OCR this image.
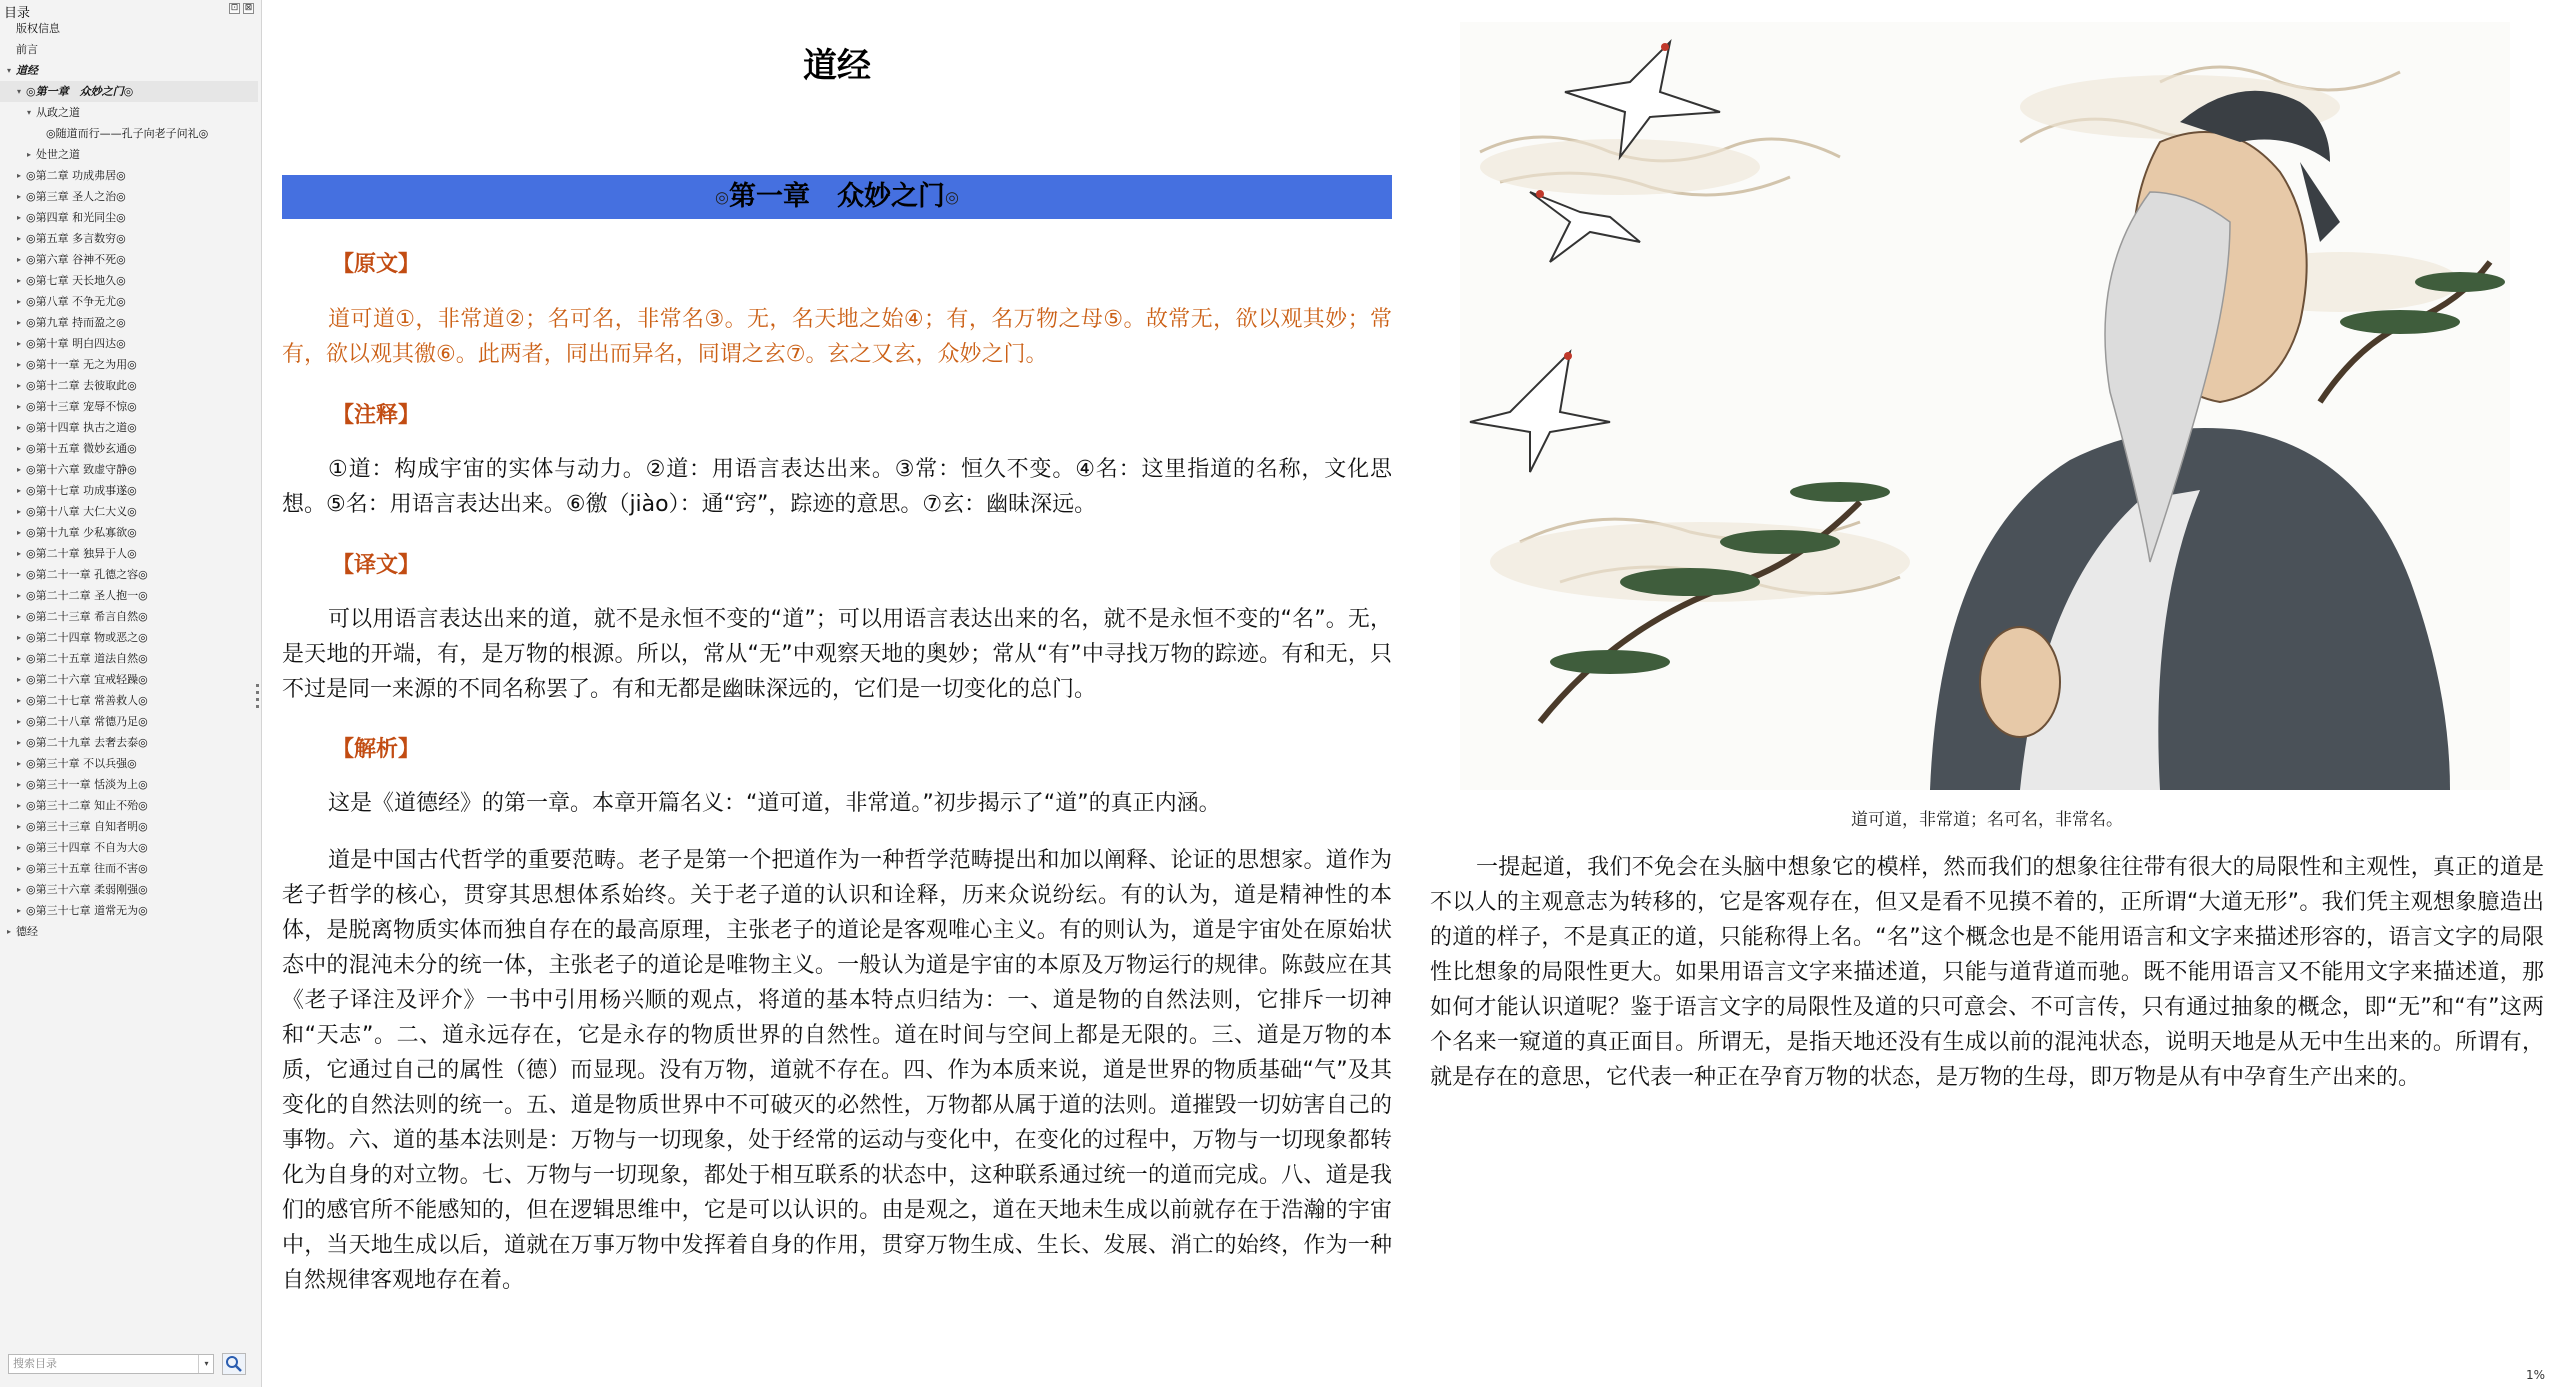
目录	⊡ ⊠
版权信息
前言
▾ 道经
▾ ◎第一章　众妙之门◎
▾ 从政之道
◎随道而行——孔子向老子问礼◎
▸ 处世之道
▸ ◎第二章 功成弗居◎
▸ ◎第三章 圣人之治◎
▸ ◎第四章 和光同尘◎
▸ ◎第五章 多言数穷◎
▸ ◎第六章 谷神不死◎
▸ ◎第七章 天长地久◎
▸ ◎第八章 不争无尤◎
▸ ◎第九章 持而盈之◎
▸ ◎第十章 明白四达◎
▸ ◎第十一章 无之为用◎
▸ ◎第十二章 去彼取此◎
▸ ◎第十三章 宠辱不惊◎
▸ ◎第十四章 执古之道◎
▸ ◎第十五章 微妙玄通◎
▸ ◎第十六章 致虚守静◎
▸ ◎第十七章 功成事遂◎
▸ ◎第十八章 大仁大义◎
▸ ◎第十九章 少私寡欲◎
▸ ◎第二十章 独异于人◎
▸ ◎第二十一章 孔德之容◎
▸ ◎第二十二章 圣人抱一◎
▸ ◎第二十三章 希言自然◎
▸ ◎第二十四章 物或恶之◎
▸ ◎第二十五章 道法自然◎
▸ ◎第二十六章 宜戒轻躁◎
▸ ◎第二十七章 常善救人◎
▸ ◎第二十八章 常德乃足◎
▸ ◎第二十九章 去奢去泰◎
▸ ◎第三十章 不以兵强◎
▸ ◎第三十一章 恬淡为上◎
▸ ◎第三十二章 知止不殆◎
▸ ◎第三十三章 自知者明◎
▸ ◎第三十四章 不自为大◎
▸ ◎第三十五章 往而不害◎
▸ ◎第三十六章 柔弱刚强◎
▸ ◎第三十七章 道常无为◎
▸ 德经
搜索目录	▾
道经
◎第一章　众妙之门◎
【原文】
道可道①，非常道②；名可名，非常名③。无，名天地之始④；有，名万物之母⑤。故常无，欲以观其妙；常有，欲以观其徼⑥。此两者，同出而异名，同谓之玄⑦。玄之又玄，众妙之门。
【注释】
①道：构成宇宙的实体与动力。②道：用语言表达出来。③常：恒久不变。④名：这里指道的名称，文化思想。⑤名：用语言表达出来。⑥徼（jiào）：通“窍”，踪迹的意思。⑦玄：幽昧深远。
【译文】
可以用语言表达出来的道，就不是永恒不变的“道”；可以用语言表达出来的名，就不是永恒不变的“名”。无，是天地的开端，有，是万物的根源。所以，常从“无”中观察天地的奥妙；常从“有”中寻找万物的踪迹。有和无，只不过是同一来源的不同名称罢了。有和无都是幽昧深远的，它们是一切变化的总门。
【解析】
这是《道德经》的第一章。本章开篇名义：“道可道，非常道。”初步揭示了“道”的真正内涵。
道是中国古代哲学的重要范畴。老子是第一个把道作为一种哲学范畴提出和加以阐释、论证的思想家。道作为老子哲学的核心，贯穿其思想体系始终。关于老子道的认识和诠释，历来众说纷纭。有的认为，道是精神性的本体，是脱离物质实体而独自存在的最高原理，主张老子的道论是客观唯心主义。有的则认为，道是宇宙处在原始状态中的混沌未分的统一体，主张老子的道论是唯物主义。一般认为道是宇宙的本原及万物运行的规律。陈鼓应在其《老子译注及评介》一书中引用杨兴顺的观点，将道的基本特点归结为：一、道是物的自然法则，它排斥一切神和“天志”。二、道永远存在，它是永存的物质世界的自然性。道在时间与空间上都是无限的。三、道是万物的本质，它通过自己的属性（德）而显现。没有万物，道就不存在。四、作为本质来说，道是世界的物质基础“气”及其变化的自然法则的统一。五、道是物质世界中不可破灭的必然性，万物都从属于道的法则。道摧毁一切妨害自己的事物。六、道的基本法则是：万物与一切现象，处于经常的运动与变化中，在变化的过程中，万物与一切现象都转化为自身的对立物。七、万物与一切现象，都处于相互联系的状态中，这种联系通过统一的道而完成。八、道是我们的感官所不能感知的，但在逻辑思维中，它是可以认识的。由是观之，道在天地未生成以前就存在于浩瀚的宇宙中，当天地生成以后，道就在万事万物中发挥着自身的作用，贯穿万物生成、生长、发展、消亡的始终，作为一种自然规律客观地存在着。
道可道，非常道；名可名，非常名。
一提起道，我们不免会在头脑中想象它的模样，然而我们的想象往往带有很大的局限性和主观性，真正的道是不以人的主观意志为转移的，它是客观存在，但又是看不见摸不着的，正所谓“大道无形”。我们凭主观想象臆造出的道的样子，不是真正的道，只能称得上名。“名”这个概念也是不能用语言和文字来描述形容的，语言文字的局限性比想象的局限性更大。如果用语言文字来描述道，只能与道背道而驰。既不能用语言又不能用文字来描述道，那如何才能认识道呢？鉴于语言文字的局限性及道的只可意会、不可言传，只有通过抽象的概念，即“无”和“有”这两个名来一窥道的真正面目。所谓无，是指天地还没有生成以前的混沌状态，说明天地是从无中生出来的。所谓有，就是存在的意思，它代表一种正在孕育万物的状态，是万物的生母，即万物是从有中孕育生产出来的。
1%
